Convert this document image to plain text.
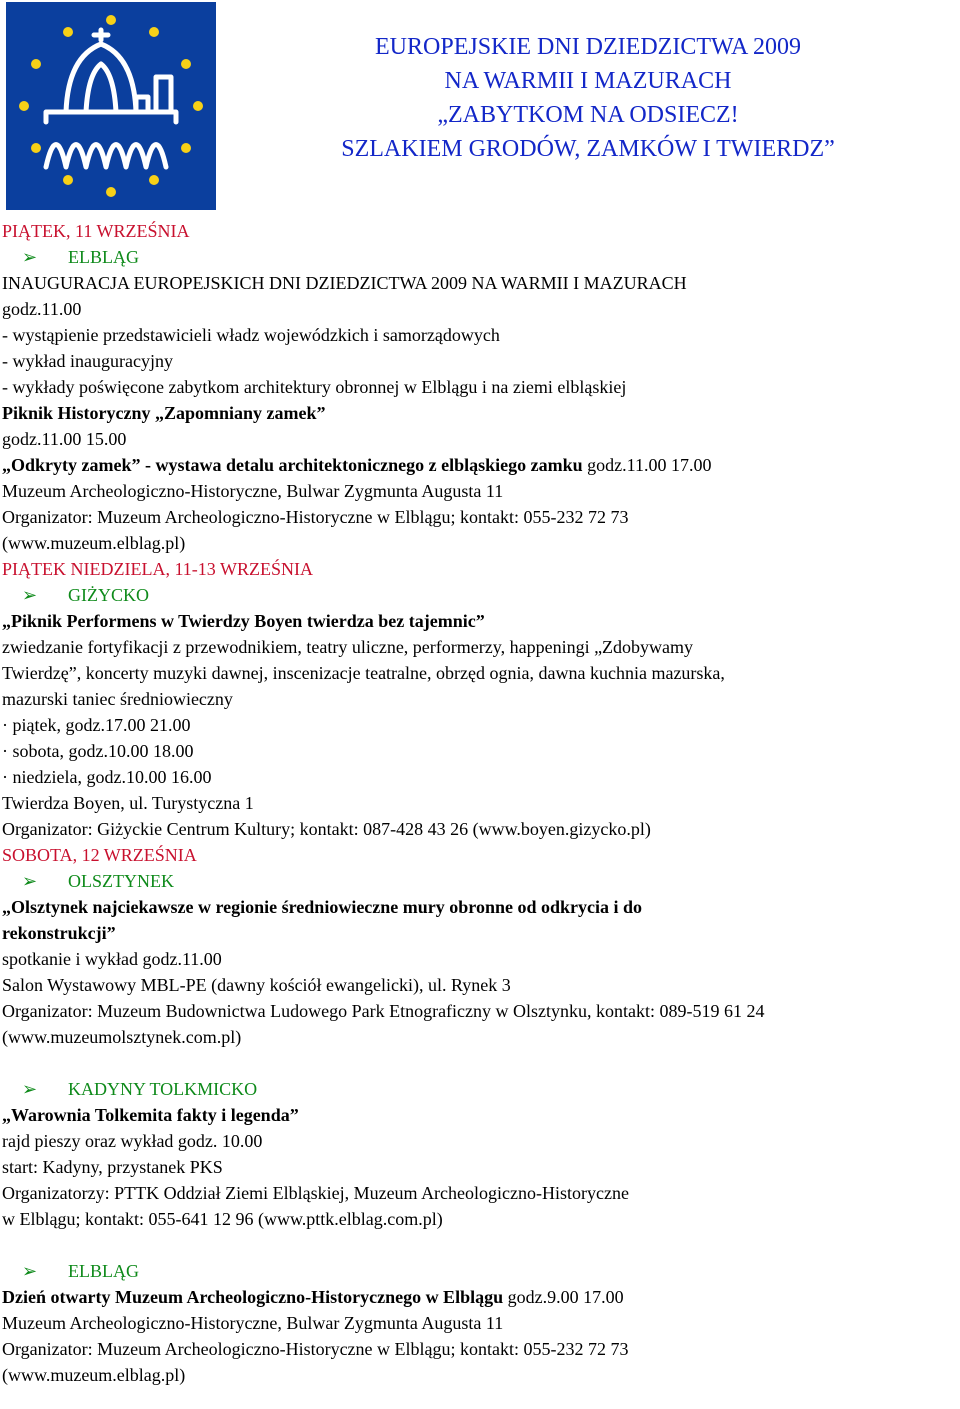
EUROPEJSKIE DNI DZIEDZICTWA 2009
NA WARMII I MAZURACH
„ZABYTKOM NA ODSIECZ!
SZLAKIEM GRODÓW, ZAMKÓW I TWIERDZ”
PIĄTEK, 11 WRZEŚNIA
➢ ELBLĄG
INAUGURACJA EUROPEJSKICH DNI DZIEDZICTWA 2009 NA WARMII I MAZURACH
godz.11.00
- wystąpienie przedstawicieli władz wojewódzkich i samorządowych
- wykład inauguracyjny
- wykłady poświęcone zabytkom architektury obronnej w Elblągu i na ziemi elbląskiej
Piknik Historyczny „Zapomniany zamek”
godz.11.00 15.00
„Odkryty zamek” - wystawa detalu architektonicznego z elbląskiego zamku godz.11.00 17.00
Muzeum Archeologiczno-Historyczne, Bulwar Zygmunta Augusta 11
Organizator: Muzeum Archeologiczno-Historyczne w Elblągu; kontakt: 055-232 72 73
(www.muzeum.elblag.pl)
PIĄTEK NIEDZIELA, 11-13 WRZEŚNIA
➢ GIŻYCKO
„Piknik Performens w Twierdzy Boyen twierdza bez tajemnic”
zwiedzanie fortyfikacji z przewodnikiem, teatry uliczne, performerzy, happeningi „Zdobywamy
Twierdzę”, koncerty muzyki dawnej, inscenizacje teatralne, obrzęd ognia, dawna kuchnia mazurska,
mazurski taniec średniowieczny
· piątek, godz.17.00 21.00
· sobota, godz.10.00 18.00
· niedziela, godz.10.00 16.00
Twierdza Boyen, ul. Turystyczna 1
Organizator: Giżyckie Centrum Kultury; kontakt: 087-428 43 26 (www.boyen.gizycko.pl)
SOBOTA, 12 WRZEŚNIA
➢ OLSZTYNEK
„Olsztynek najciekawsze w regionie średniowieczne mury obronne od odkrycia i do
rekonstrukcji”
spotkanie i wykład godz.11.00
Salon Wystawowy MBL-PE (dawny kościół ewangelicki), ul. Rynek 3
Organizator: Muzeum Budownictwa Ludowego Park Etnograficzny w Olsztynku, kontakt: 089-519 61 24
(www.muzeumolsztynek.com.pl)
➢ KADYNY TOLKMICKO
„Warownia Tolkemita fakty i legenda”
rajd pieszy oraz wykład godz. 10.00
start: Kadyny, przystanek PKS
Organizatorzy: PTTK Oddział Ziemi Elbląskiej, Muzeum Archeologiczno-Historyczne
w Elblągu; kontakt: 055-641 12 96 (www.pttk.elblag.com.pl)
➢ ELBLĄG
Dzień otwarty Muzeum Archeologiczno-Historycznego w Elblągu godz.9.00 17.00
Muzeum Archeologiczno-Historyczne, Bulwar Zygmunta Augusta 11
Organizator: Muzeum Archeologiczno-Historyczne w Elblągu; kontakt: 055-232 72 73
(www.muzeum.elblag.pl)
